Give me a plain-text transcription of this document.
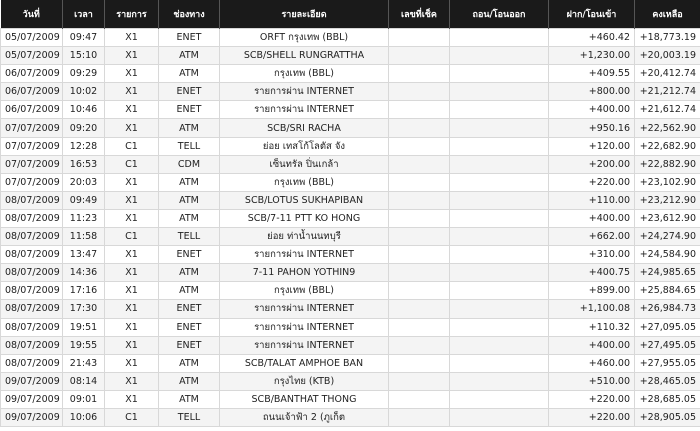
วันที่	เวลา	รายการ	ช่องทาง	รายละเอียด	เลขที่เช็ค	ถอน/โอนออก	ฝาก/โอนเข้า	คงเหลือ
05/07/2009	09:47	X1	ENET	ORFT กรุงเทพ (BBL)			+460.42	+18,773.19
05/07/2009	15:10	X1	ATM	SCB/SHELL RUNGRATTHA			+1,230.00	+20,003.19
06/07/2009	09:29	X1	ATM	กรุงเทพ (BBL)			+409.55	+20,412.74
06/07/2009	10:02	X1	ENET	รายการผ่าน INTERNET			+800.00	+21,212.74
06/07/2009	10:46	X1	ENET	รายการผ่าน INTERNET			+400.00	+21,612.74
07/07/2009	09:20	X1	ATM	SCB/SRI RACHA			+950.16	+22,562.90
07/07/2009	12:28	C1	TELL	ย่อย เทสโก้โลตัส จัง			+120.00	+22,682.90
07/07/2009	16:53	C1	CDM	เซ็นทรัล ปิ่นเกล้า			+200.00	+22,882.90
07/07/2009	20:03	X1	ATM	กรุงเทพ (BBL)			+220.00	+23,102.90
08/07/2009	09:49	X1	ATM	SCB/LOTUS SUKHAPIBAN			+110.00	+23,212.90
08/07/2009	11:23	X1	ATM	SCB/7-11 PTT KO HONG			+400.00	+23,612.90
08/07/2009	11:58	C1	TELL	ย่อย ท่าน้ำนนทบุรี			+662.00	+24,274.90
08/07/2009	13:47	X1	ENET	รายการผ่าน INTERNET			+310.00	+24,584.90
08/07/2009	14:36	X1	ATM	7-11 PAHON YOTHIN9			+400.75	+24,985.65
08/07/2009	17:16	X1	ATM	กรุงเทพ (BBL)			+899.00	+25,884.65
08/07/2009	17:30	X1	ENET	รายการผ่าน INTERNET			+1,100.08	+26,984.73
08/07/2009	19:51	X1	ENET	รายการผ่าน INTERNET			+110.32	+27,095.05
08/07/2009	19:55	X1	ENET	รายการผ่าน INTERNET			+400.00	+27,495.05
08/07/2009	21:43	X1	ATM	SCB/TALAT AMPHOE BAN			+460.00	+27,955.05
09/07/2009	08:14	X1	ATM	กรุงไทย (KTB)			+510.00	+28,465.05
09/07/2009	09:01	X1	ATM	SCB/BANTHAT THONG			+220.00	+28,685.05
09/07/2009	10:06	C1	TELL	ถนนเจ้าฟ้า 2 (ภูเก็ต			+220.00	+28,905.05
